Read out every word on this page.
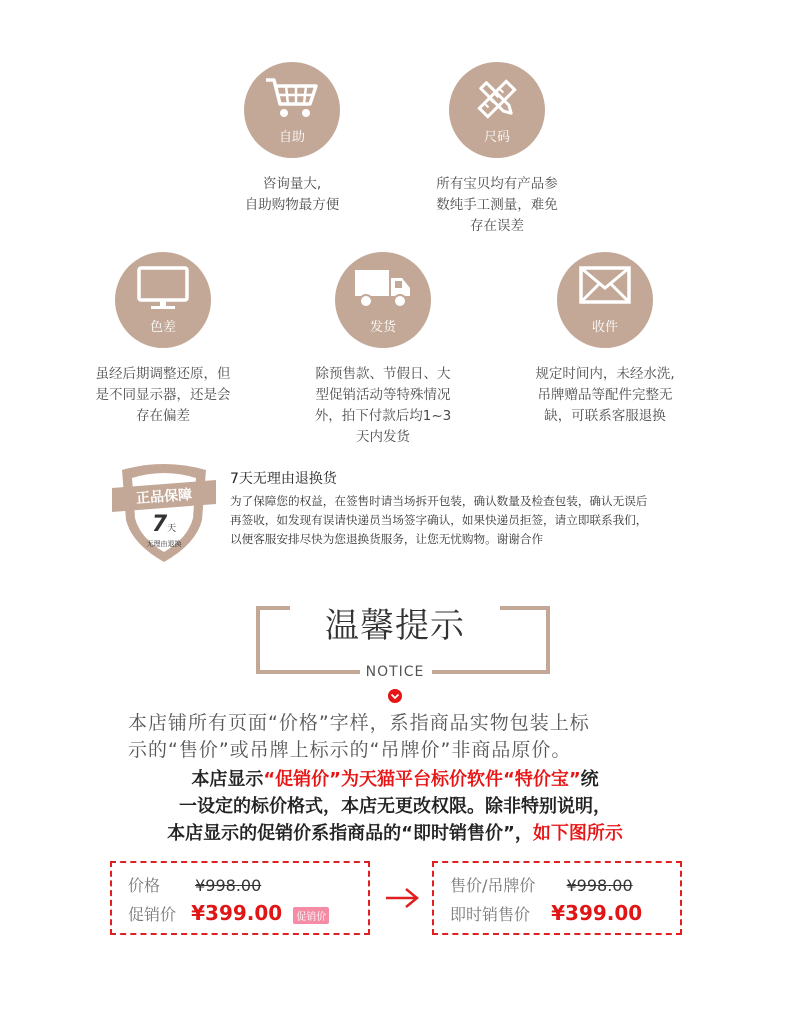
自助
咨询量大,
自助购物最方便
尺码
所有宝贝均有产品参
数纯手工测量，难免
存在误差
色差
虽经后期调整还原，但
是不同显示器，还是会
存在偏差
发货
除预售款、节假日、大
型促销活动等特殊情况
外，拍下付款后均1~3
天内发货
收件
规定时间内，未经水洗,
吊牌赠品等配件完整无
缺，可联系客服退换
正品保障
7天
无理由退换
7天无理由退换货
为了保障您的权益，在签售时请当场拆开包装，确认数量及检查包装，确认无误后
再签收，如发现有误请快递员当场签字确认，如果快递员拒签，请立即联系我们，
以便客服安排尽快为您退换货服务，让您无忧购物。谢谢合作
温馨提示
NOTICE
本店铺所有页面“价格”字样，系指商品实物包装上标
示的“售价”或吊牌上标示的“吊牌价”非商品原价。
本店显示“促销价”为天猫平台标价软件“特价宝”统
一设定的标价格式，本店无更改权限。除非特别说明，
本店显示的促销价系指商品的“即时销售价”，如下图所示
价格 ¥998.00
促销价 ¥399.00 促销价
售价/吊牌价 ¥998.00
即时销售价 ¥399.00
